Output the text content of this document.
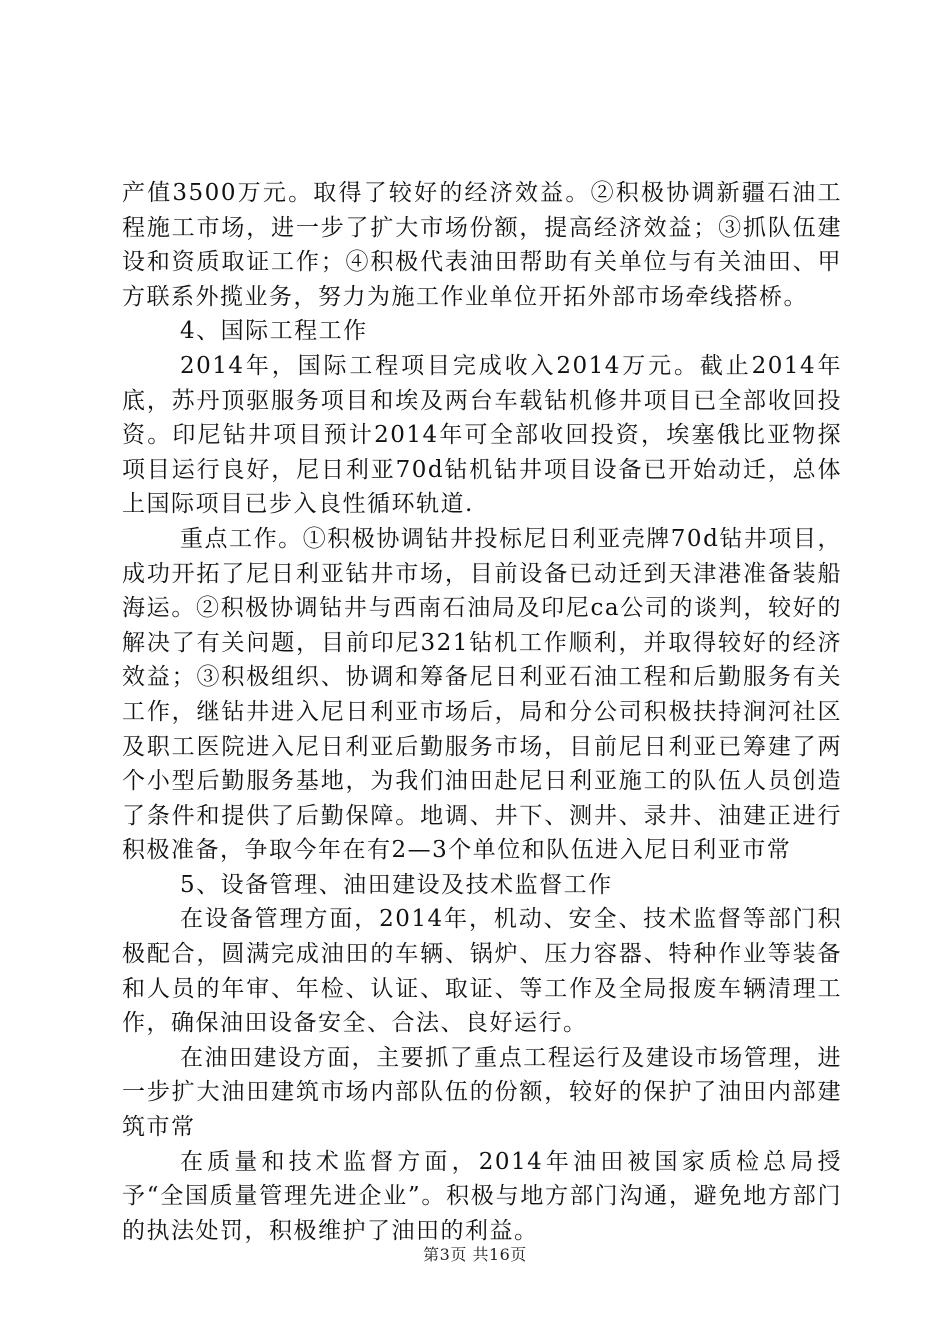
产值3500万元。取得了较好的经济效益。②积极协调新疆石油工程施工市场，进一步了扩大市场份额，提高经济效益；③抓队伍建设和资质取证工作；④积极代表油田帮助有关单位与有关油田、甲方联系外揽业务，努力为施工作业单位开拓外部市场牵线搭桥。

4、国际工程工作

2014年，国际工程项目完成收入2014万元。截止2014年底，苏丹顶驱服务项目和埃及两台车载钻机修井项目已全部收回投资。印尼钻井项目预计2014年可全部收回投资，埃塞俄比亚物探项目运行良好，尼日利亚70d钻机钻井项目设备已开始动迁，总体上国际项目已步入良性循环轨道.

重点工作。①积极协调钻井投标尼日利亚壳牌70d钻井项目，成功开拓了尼日利亚钻井市场，目前设备已动迁到天津港准备装船海运。②积极协调钻井与西南石油局及印尼ca公司的谈判，较好的解决了有关问题，目前印尼321钻机工作顺利，并取得较好的经济效益；③积极组织、协调和筹备尼日利亚石油工程和后勤服务有关工作，继钻井进入尼日利亚市场后，局和分公司积极扶持涧河社区及职工医院进入尼日利亚后勤服务市场，目前尼日利亚已筹建了两个小型后勤服务基地，为我们油田赴尼日利亚施工的队伍人员创造了条件和提供了后勤保障。地调、井下、测井、录井、油建正进行积极准备，争取今年在有2—3个单位和队伍进入尼日利亚市常

5、设备管理、油田建设及技术监督工作

在设备管理方面，2014年，机动、安全、技术监督等部门积极配合，圆满完成油田的车辆、锅炉、压力容器、特种作业等装备和人员的年审、年检、认证、取证、等工作及全局报废车辆清理工作，确保油田设备安全、合法、良好运行。

在油田建设方面，主要抓了重点工程运行及建设市场管理，进一步扩大油田建筑市场内部队伍的份额，较好的保护了油田内部建筑市常

在质量和技术监督方面，2014年油田被国家质检总局授予“全国质量管理先进企业”。积极与地方部门沟通，避免地方部门的执法处罚，积极维护了油田的利益。

第3页 共16页
